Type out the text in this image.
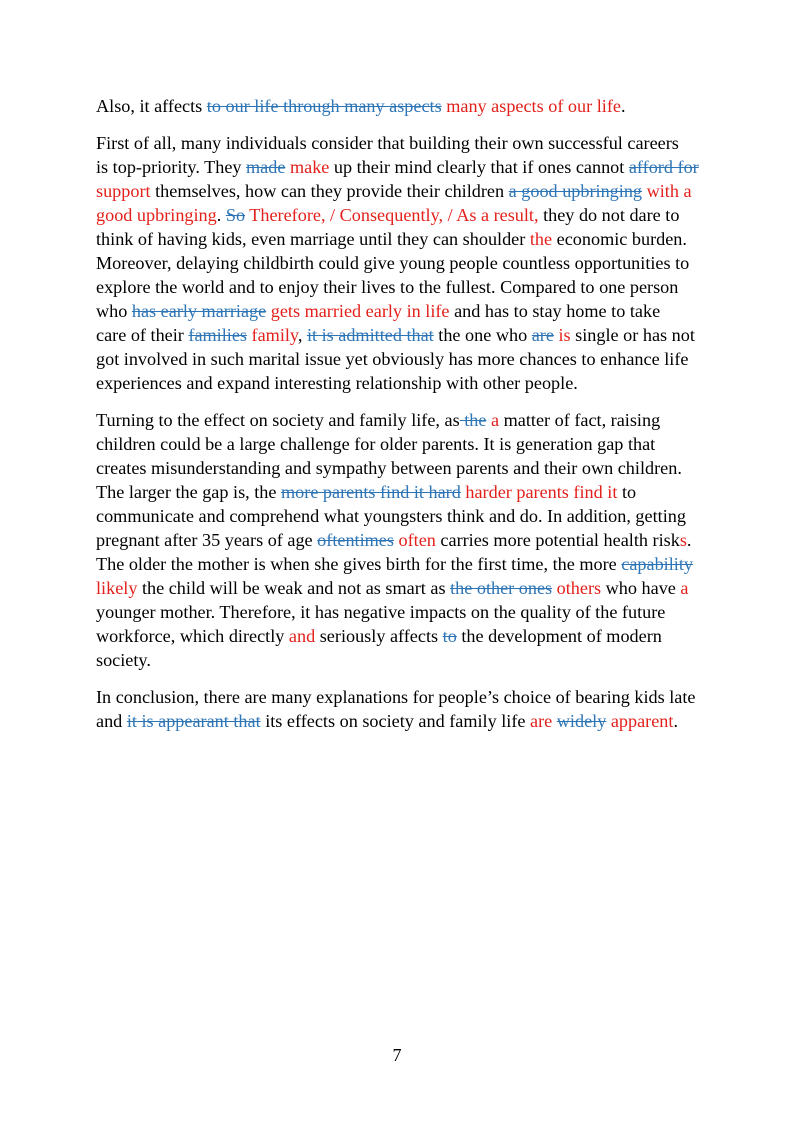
Also, it affects to our life through many aspects many aspects of our life.

First of all, many individuals consider that building their own successful careers
is top-priority. They made make up their mind clearly that if ones cannot afford for
support themselves, how can they provide their children a good upbringing with a
good upbringing. So Therefore, / Consequently, / As a result, they do not dare to
think of having kids, even marriage until they can shoulder the economic burden.
Moreover, delaying childbirth could give young people countless opportunities to
explore the world and to enjoy their lives to the fullest. Compared to one person
who has early marriage gets married early in life and has to stay home to take
care of their families family, it is admitted that the one who are is single or has not
got involved in such marital issue yet obviously has more chances to enhance life
experiences and expand interesting relationship with other people.

Turning to the effect on society and family life, as the a matter of fact, raising
children could be a large challenge for older parents. It is generation gap that
creates misunderstanding and sympathy between parents and their own children.
The larger the gap is, the more parents find it hard harder parents find it to
communicate and comprehend what youngsters think and do. In addition, getting
pregnant after 35 years of age oftentimes often carries more potential health risks.
The older the mother is when she gives birth for the first time, the more capability
likely the child will be weak and not as smart as the other ones others who have a
younger mother. Therefore, it has negative impacts on the quality of the future
workforce, which directly and seriously affects to the development of modern
society.

In conclusion, there are many explanations for people’s choice of bearing kids late
and it is appearant that its effects on society and family life are widely apparent.

7
